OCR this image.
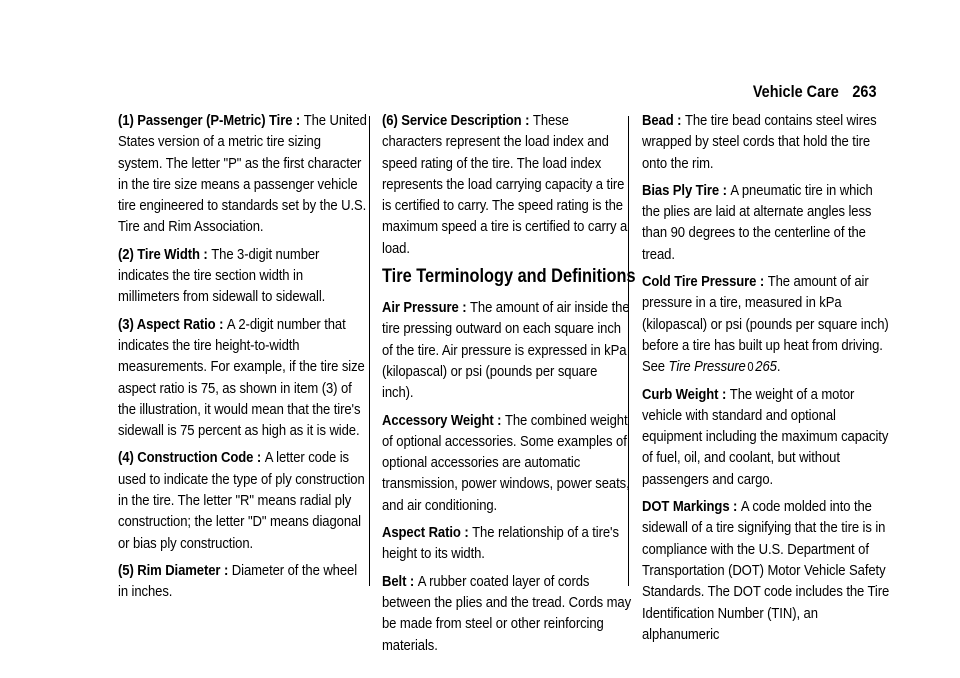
Vehicle Care 263

(1) Passenger (P-Metric) Tire : The United States version of a metric tire sizing system. The letter "P" as the first character in the tire size means a passenger vehicle tire engineered to standards set by the U.S. Tire and Rim Association.

(2) Tire Width : The 3-digit number indicates the tire section width in millimeters from sidewall to sidewall.

(3) Aspect Ratio : A 2-digit number that indicates the tire height-to-width measurements. For example, if the tire size aspect ratio is 75, as shown in item (3) of the illustration, it would mean that the tire's sidewall is 75 percent as high as it is wide.

(4) Construction Code : A letter code is used to indicate the type of ply construction in the tire. The letter "R" means radial ply construction; the letter "D" means diagonal or bias ply construction.

(5) Rim Diameter : Diameter of the wheel in inches.

(6) Service Description : These characters represent the load index and speed rating of the tire. The load index represents the load carrying capacity a tire is certified to carry. The speed rating is the maximum speed a tire is certified to carry a load.

Tire Terminology and Definitions

Air Pressure : The amount of air inside the tire pressing outward on each square inch of the tire. Air pressure is expressed in kPa (kilopascal) or psi (pounds per square inch).

Accessory Weight : The combined weight of optional accessories. Some examples of optional accessories are automatic transmission, power windows, power seats, and air conditioning.

Aspect Ratio : The relationship of a tire's height to its width.

Belt : A rubber coated layer of cords between the plies and the tread. Cords may be made from steel or other reinforcing materials.

Bead : The tire bead contains steel wires wrapped by steel cords that hold the tire onto the rim.

Bias Ply Tire : A pneumatic tire in which the plies are laid at alternate angles less than 90 degrees to the centerline of the tread.

Cold Tire Pressure : The amount of air pressure in a tire, measured in kPa (kilopascal) or psi (pounds per square inch) before a tire has built up heat from driving. See Tire Pressure 0 265.

Curb Weight : The weight of a motor vehicle with standard and optional equipment including the maximum capacity of fuel, oil, and coolant, but without passengers and cargo.

DOT Markings : A code molded into the sidewall of a tire signifying that the tire is in compliance with the U.S. Department of Transportation (DOT) Motor Vehicle Safety Standards. The DOT code includes the Tire Identification Number (TIN), an alphanumeric
